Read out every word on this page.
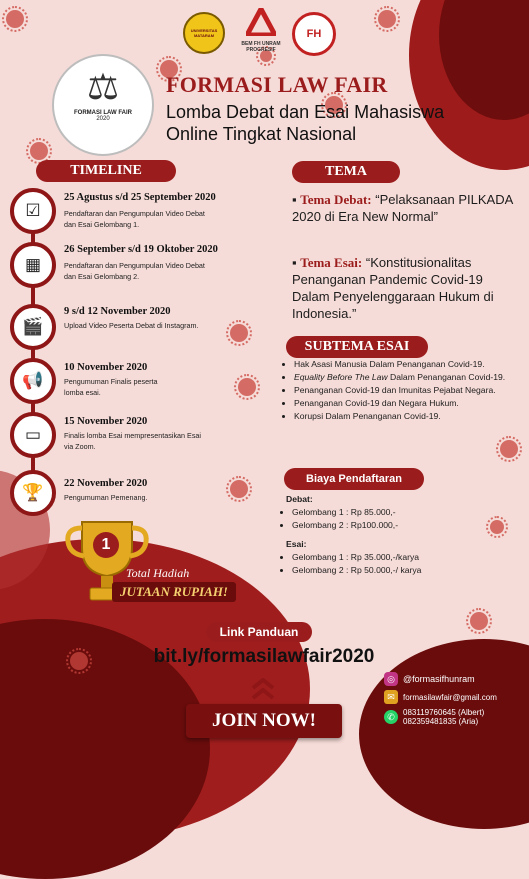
UNIVERSITAS MATARAM
BEM FH UNRAM PROGRESIF
FH
⚖
FORMASI LAW FAIR
2020
FORMASI LAW FAIR
Lomba Debat dan Esai Mahasiswa
Online Tingkat Nasional
TIMELINE
☑
25 Agustus s/d 25 September 2020
Pendaftaran dan Pengumpulan Video Debat dan Esai Gelombang 1.
▦
26 September s/d 19 Oktober 2020
Pendaftaran dan Pengumpulan Video Debat dan Esai Gelombang 2.
🎬
9 s/d 12 November 2020
Upload Video Peserta Debat di Instagram.
📢
10 November 2020
Pengumuman Finalis peserta lomba esai.
▭
15 November 2020
Finalis lomba Esai mempresentasikan Esai via Zoom.
🏆	22 November 2020
Pengumuman Pemenang.
TEMA
▪ Tema Debat: “Pelaksanaan PILKADA 2020 di Era New Normal”
▪ Tema Esai: “Konstitusionalitas Penanganan Pandemic Covid-19 Dalam Penyelenggaraan Hukum di Indonesia.”
SUBTEMA ESAI
• Hak Asasi Manusia Dalam Penanganan Covid-19.
• Equality Before The Law Dalam Penanganan Covid-19.
• Penanganan Covid-19 dan Imunitas Pejabat Negara.
• Penanganan Covid-19 dan Negara Hukum.
• Korupsi Dalam Penanganan Covid-19.
Biaya Pendaftaran
Debat:
• Gelombang 1 : Rp 85.000,-
• Gelombang 2 : Rp100.000,-
Esai:
• Gelombang 1 : Rp 35.000,-/karya
• Gelombang 2 : Rp 50.000,-/ karya
1
Total Hadiah
JUTAAN RUPIAH!
Link Panduan
bit.ly/formasilawfair2020
JOIN NOW!
◎ @formasifhunram
✉	formasilawfair@gmail.com
✆	083119760645 (Albert)
082359481835 (Aria)
